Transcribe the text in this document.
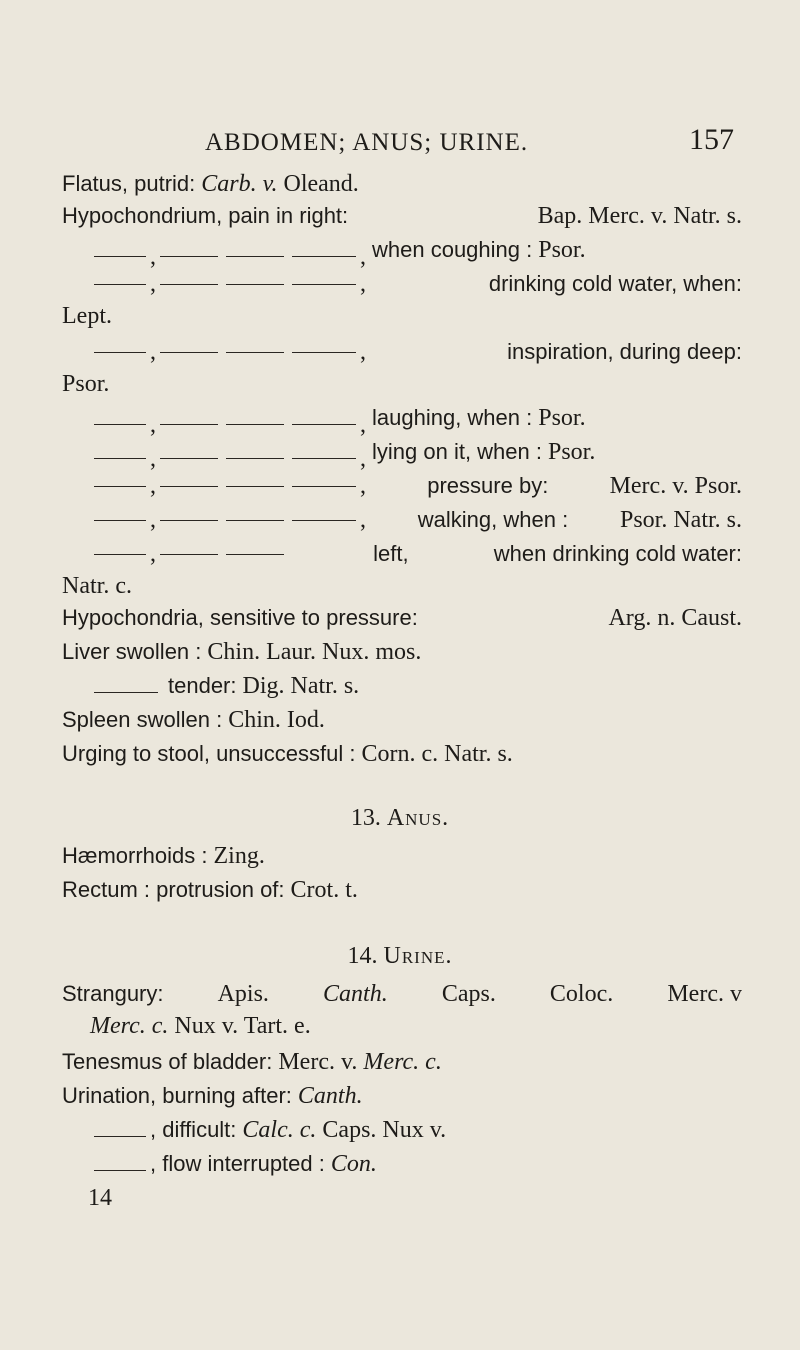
ABDOMEN; ANUS; URINE.	157
Flatus, putrid: Carb. v. Oleand.
Hypochondrium, pain in right:	Bap. Merc. v. Natr. s.
,	, when coughing : Psor.
,	,	drinking cold water, when:
Lept.
,	,	inspiration, during deep:
Psor.
,	, laughing, when : Psor.
,	, lying on it, when : Psor.
,	,	pressure by:	Merc. v. Psor.
,	, walking, when : Psor. Natr. s.
,	left,	when drinking cold water:
Natr. c.
Hypochondria, sensitive to pressure:	Arg. n. Caust.
Liver swollen : Chin. Laur. Nux. mos.
tender: Dig. Natr. s.
Spleen swollen : Chin. Iod.
Urging to stool, unsuccessful : Corn. c. Natr. s.
13. Anus.
Hæmorrhoids : Zing.
Rectum : protrusion of: Crot. t.
14. Urine.
Strangury: Apis. Canth. Caps. Coloc. Merc. v
Merc. c. Nux v. Tart. e.
Tenesmus of bladder: Merc. v. Merc. c.
Urination, burning after: Canth.
, difficult: Calc. c. Caps. Nux v.
, flow interrupted : Con.
14
